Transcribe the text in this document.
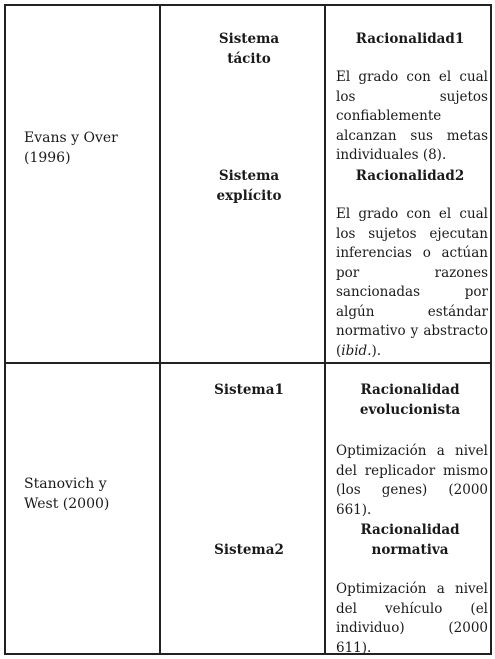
Evans y Over (1996)
Sistema tácito
Sistema explícito
Racionalidad1
El grado con el cual los sujetos confiablemente alcanzan sus metas individuales (8).
Racionalidad2
El grado con el cual los sujetos ejecutan inferencias o actúan por razones sancionadas por algún estándar normativo y abstracto (ibid.).
Stanovich y West (2000)
Sistema1
Sistema2
Racionalidad evolucionista
Optimización a nivel del replicador mismo (los genes) (2000 661).
Racionalidad normativa
Optimización a nivel del vehículo (el individuo) (2000 611).
